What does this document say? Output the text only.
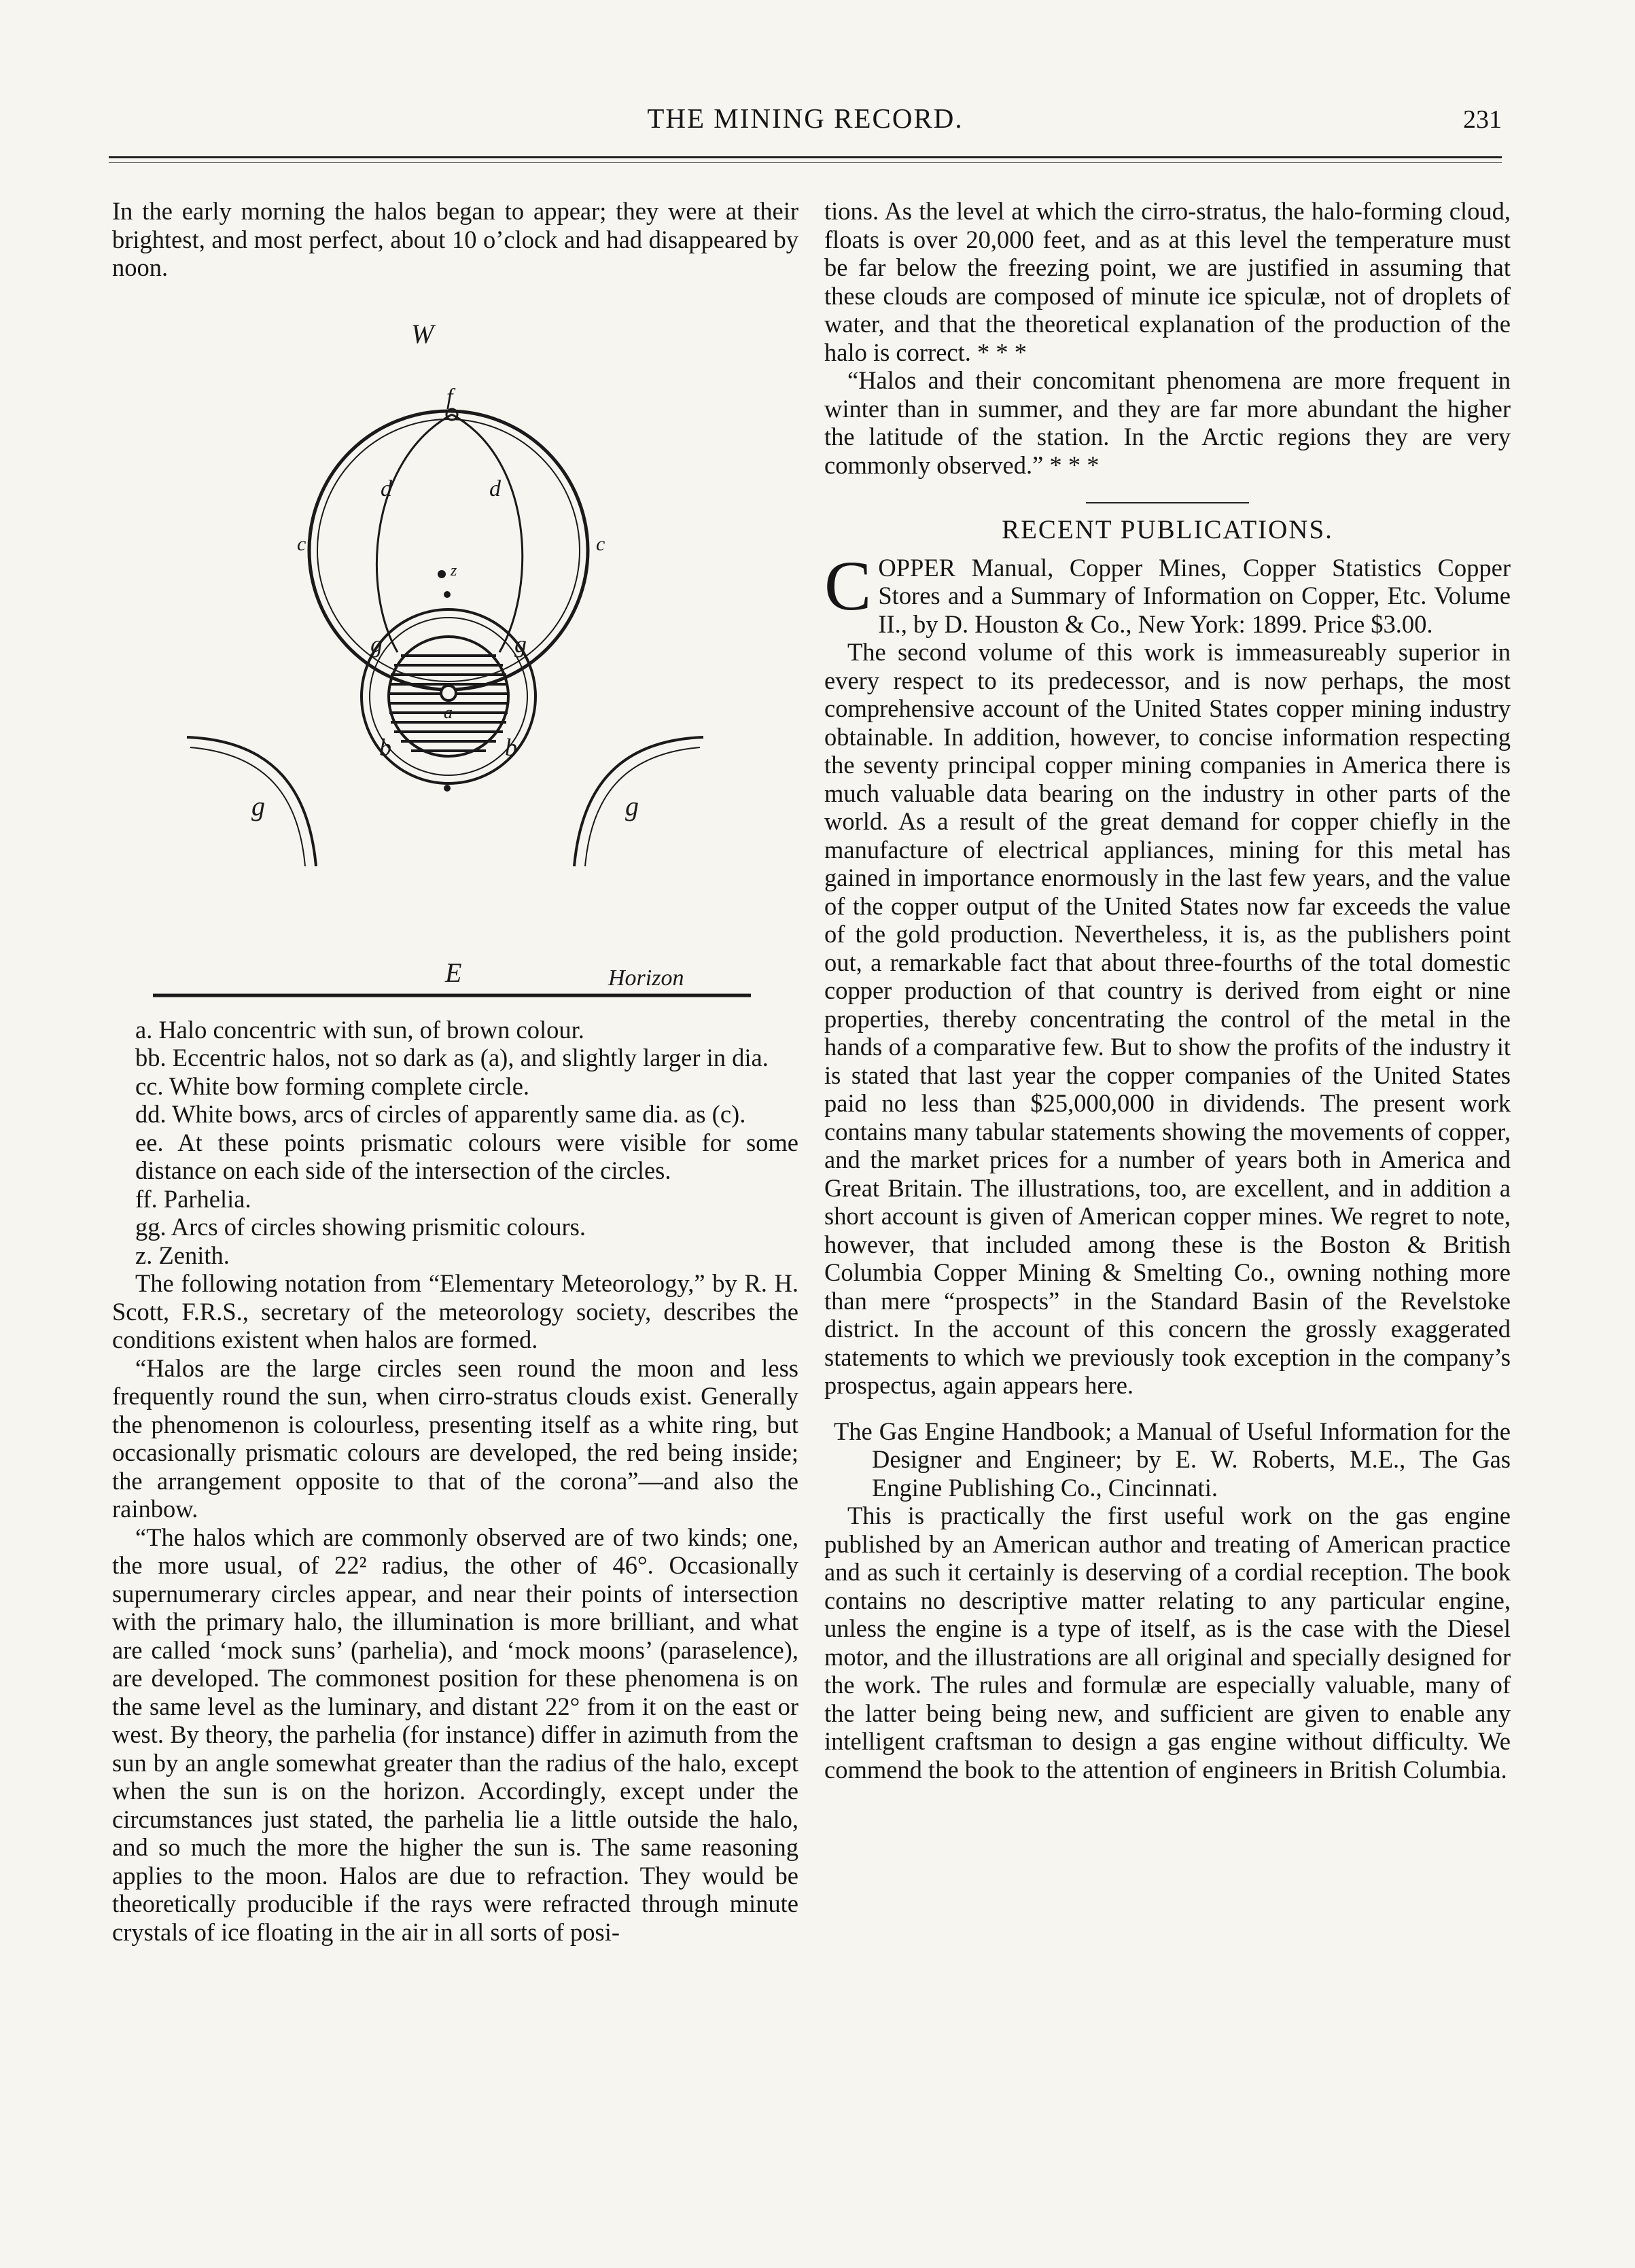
THE MINING RECORD.	231

In the early morning the halos began to appear; they were at their brightest, and most perfect, about 10 o’clock and had disappeared by noon.

W
f
d	d
c	c
z
g	g
b	b
a
g	g
E	Horizon

a. Halo concentric with sun, of brown colour.

bb. Eccentric halos, not so dark as (a), and slightly larger in dia.

cc. White bow forming complete circle.

dd. White bows, arcs of circles of apparently same dia. as (c).

ee. At these points prismatic colours were visible for some distance on each side of the intersection of the circles.

ff. Parhelia.

gg. Arcs of circles showing prismitic colours.

z. Zenith.

The following notation from “Elementary Meteorology,” by R. H. Scott, F.R.S., secretary of the meteorology society, describes the conditions existent when halos are formed.

“Halos are the large circles seen round the moon and less frequently round the sun, when cirro-stratus clouds exist. Generally the phenomenon is colourless, presenting itself as a white ring, but occasionally prismatic colours are developed, the red being inside; the arrangement opposite to that of the corona”—and also the rainbow.

“The halos which are commonly observed are of two kinds; one, the more usual, of 22² radius, the other of 46°. Occasionally supernumerary circles appear, and near their points of intersection with the primary halo, the illumination is more brilliant, and what are called ‘mock suns’ (parhelia), and ‘mock moons’ (paraselence), are developed. The commonest position for these phenomena is on the same level as the luminary, and distant 22° from it on the east or west. By theory, the parhelia (for instance) differ in azimuth from the sun by an angle somewhat greater than the radius of the halo, except when the sun is on the horizon. Accordingly, except under the circumstances just stated, the parhelia lie a little outside the halo, and so much the more the higher the sun is. The same reasoning applies to the moon. Halos are due to refraction. They would be theoretically producible if the rays were refracted through minute crystals of ice floating in the air in all sorts of posi-

tions. As the level at which the cirro-stratus, the halo-forming cloud, floats is over 20,000 feet, and as at this level the temperature must be far below the freezing point, we are justified in assuming that these clouds are composed of minute ice spiculæ, not of droplets of water, and that the theoretical explanation of the production of the halo is correct. * * *

“Halos and their concomitant phenomena are more frequent in winter than in summer, and they are far more abundant the higher the latitude of the station. In the Arctic regions they are very commonly observed.” * * *

RECENT PUBLICATIONS.

COPPER Manual, Copper Mines, Copper Statistics Copper Stores and a Summary of Information on Copper, Etc. Volume II., by D. Houston & Co., New York: 1899. Price $3.00.

The second volume of this work is immeasureably superior in every respect to its predecessor, and is now perhaps, the most comprehensive account of the United States copper mining industry obtainable. In addition, however, to concise information respecting the seventy principal copper mining companies in America there is much valuable data bearing on the industry in other parts of the world. As a result of the great demand for copper chiefly in the manufacture of electrical appliances, mining for this metal has gained in importance enormously in the last few years, and the value of the copper output of the United States now far exceeds the value of the gold production. Nevertheless, it is, as the publishers point out, a remarkable fact that about three-fourths of the total domestic copper production of that country is derived from eight or nine properties, thereby concentrating the control of the metal in the hands of a comparative few. But to show the profits of the industry it is stated that last year the copper companies of the United States paid no less than $25,000,000 in dividends. The present work contains many tabular statements showing the movements of copper, and the market prices for a number of years both in America and Great Britain. The illustrations, too, are excellent, and in addition a short account is given of American copper mines. We regret to note, however, that included among these is the Boston & British Columbia Copper Mining & Smelting Co., owning nothing more than mere “prospects” in the Standard Basin of the Revelstoke district. In the account of this concern the grossly exaggerated statements to which we previously took exception in the company’s prospectus, again appears here.

The Gas Engine Handbook; a Manual of Useful Information for the Designer and Engineer; by E. W. Roberts, M.E., The Gas Engine Publishing Co., Cincinnati.

This is practically the first useful work on the gas engine published by an American author and treating of American practice and as such it certainly is deserving of a cordial reception. The book contains no descriptive matter relating to any particular engine, unless the engine is a type of itself, as is the case with the Diesel motor, and the illustrations are all original and specially designed for the work. The rules and formulæ are especially valuable, many of the latter being being new, and sufficient are given to enable any intelligent craftsman to design a gas engine without difficulty. We commend the book to the attention of engineers in British Columbia.
